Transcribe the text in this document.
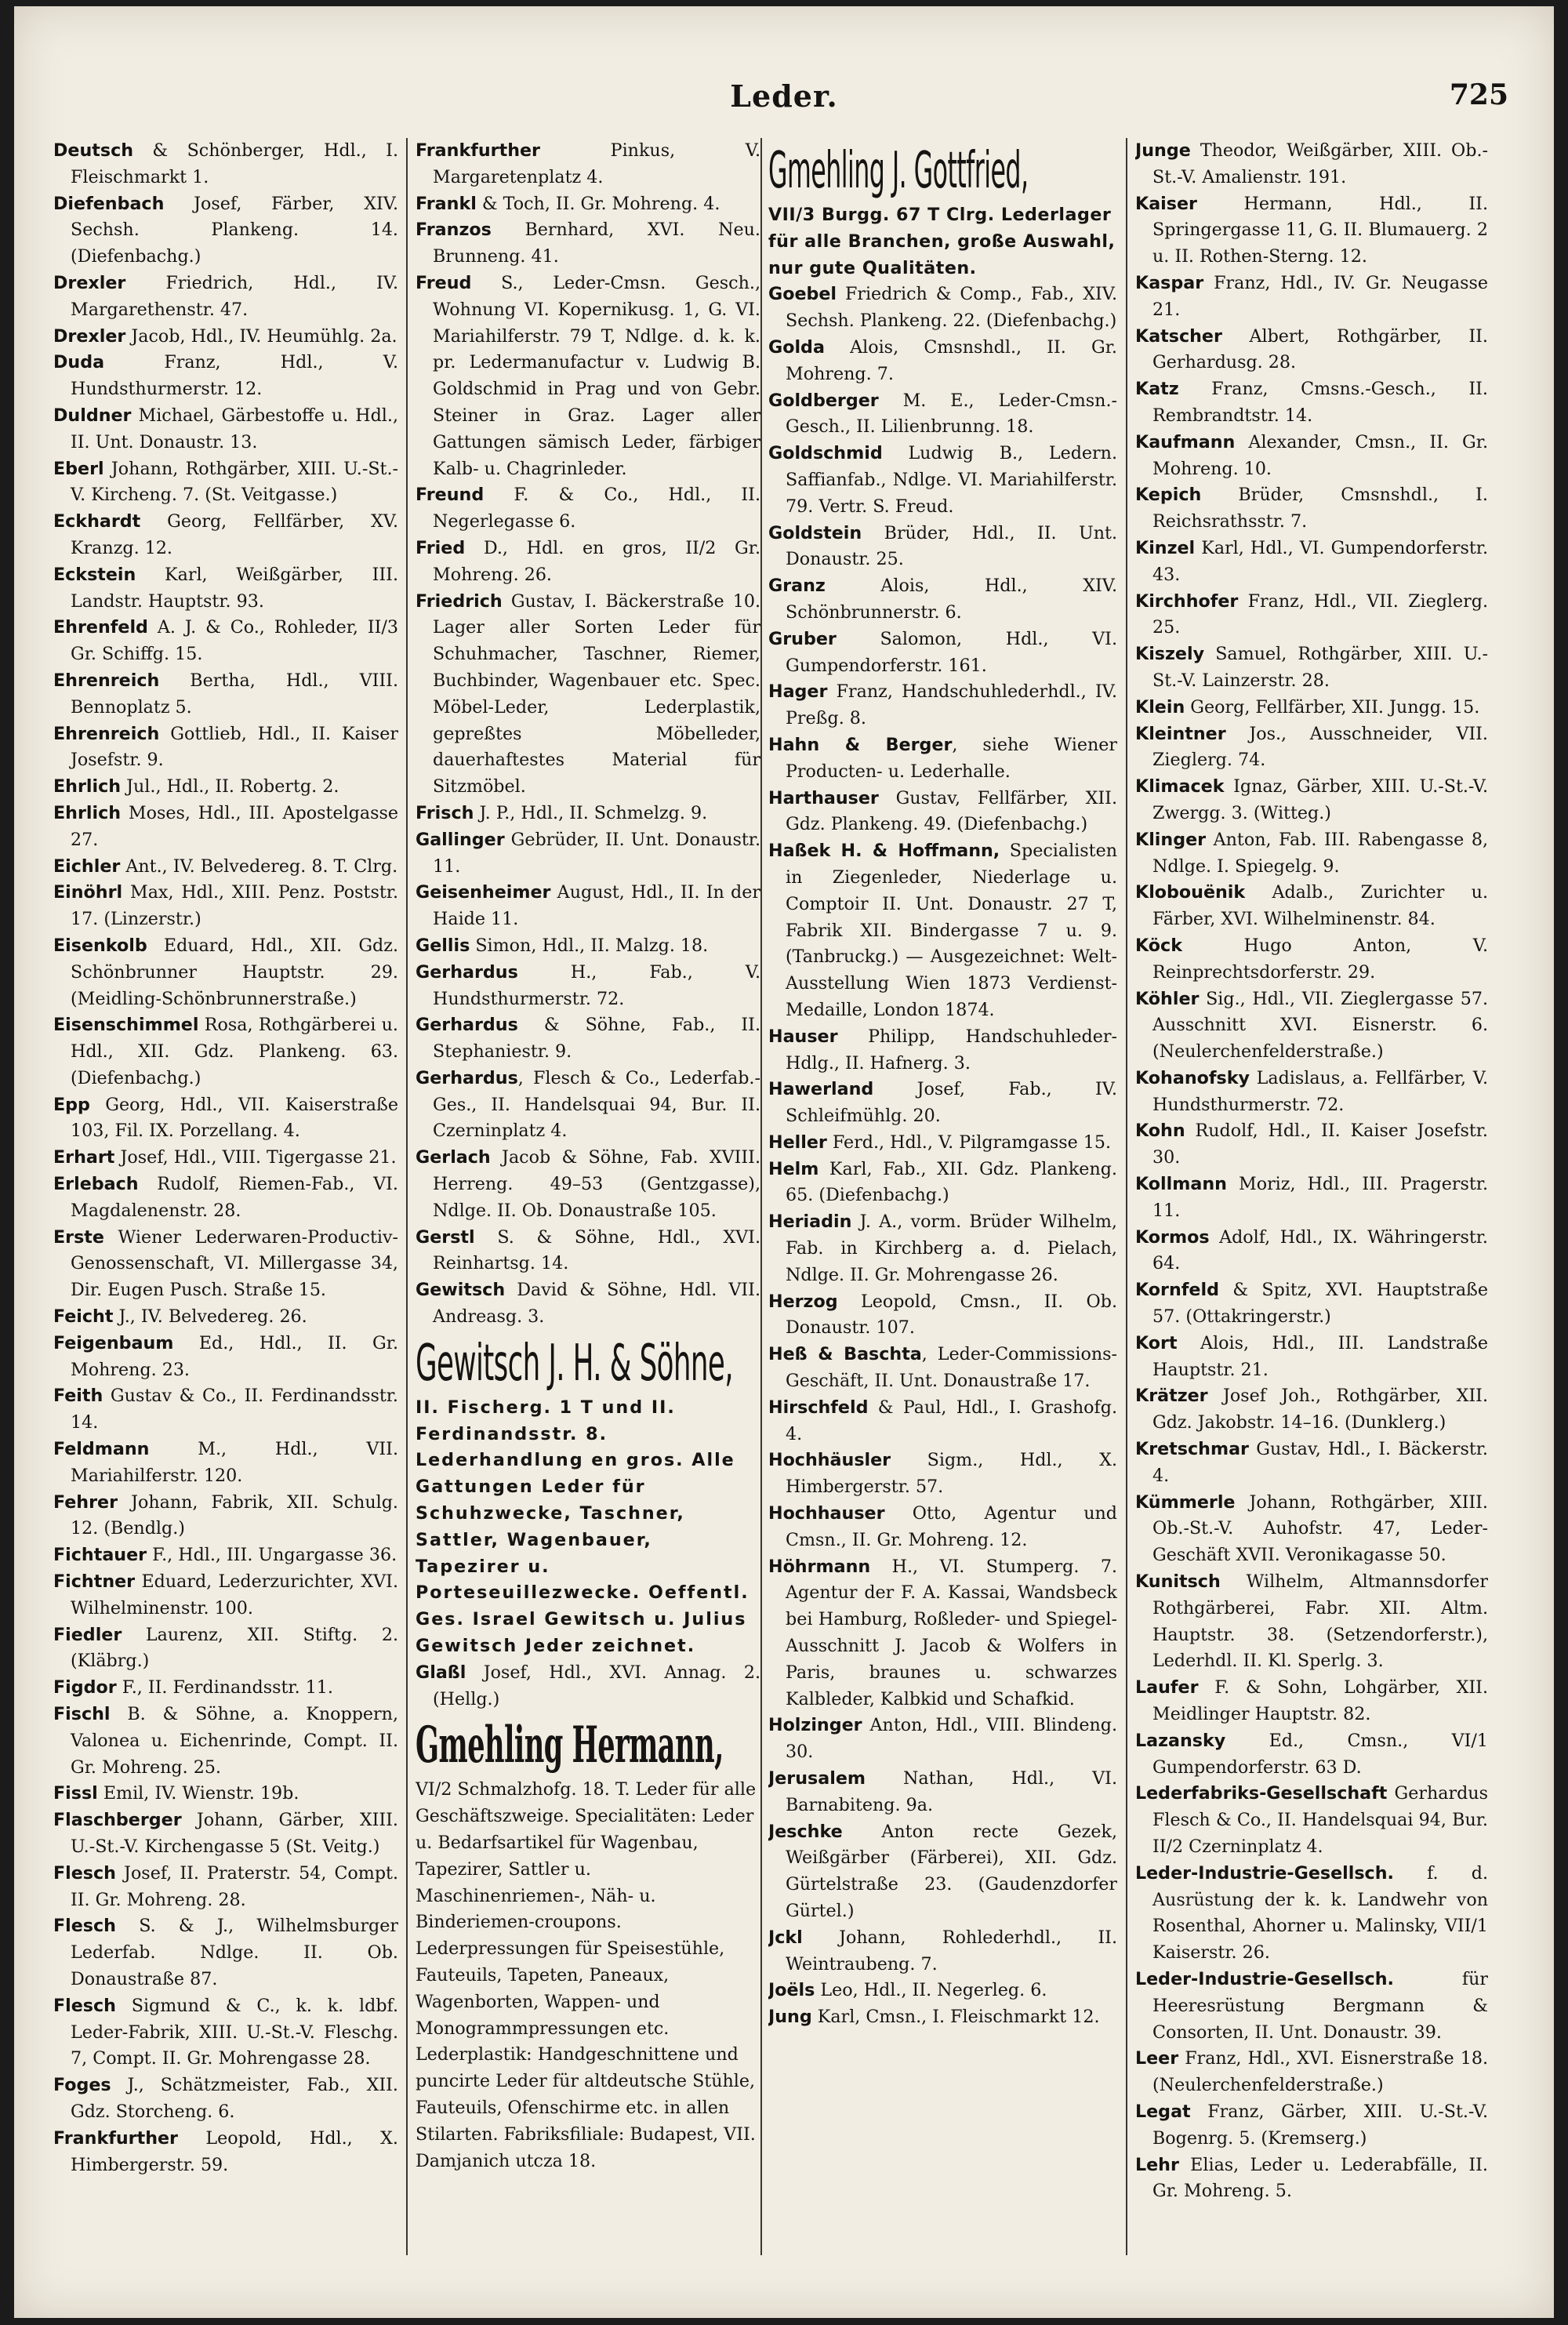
Leder.	725

Deutsch & Schönberger, Hdl., I. Fleischmarkt 1.

Diefenbach Josef, Färber, XIV. Sechsh. Plankeng. 14. (Diefenbachg.)

Drexler Friedrich, Hdl., IV. Margarethenstr. 47.

Drexler Jacob, Hdl., IV. Heumühlg. 2a.

Duda Franz, Hdl., V. Hundsthurmerstr. 12.

Duldner Michael, Gärbestoffe u. Hdl., II. Unt. Donaustr. 13.

Eberl Johann, Rothgärber, XIII. U.-St.-V. Kircheng. 7. (St. Veitgasse.)

Eckhardt Georg, Fellfärber, XV. Kranzg. 12.

Eckstein Karl, Weißgärber, III. Landstr. Hauptstr. 93.

Ehrenfeld A. J. & Co., Rohleder, II/3 Gr. Schiffg. 15.

Ehrenreich Bertha, Hdl., VIII. Bennoplatz 5.

Ehrenreich Gottlieb, Hdl., II. Kaiser Josefstr. 9.

Ehrlich Jul., Hdl., II. Robertg. 2.

Ehrlich Moses, Hdl., III. Apostelgasse 27.

Eichler Ant., IV. Belvedereg. 8. T. Clrg.

Einöhrl Max, Hdl., XIII. Penz. Poststr. 17. (Linzerstr.)

Eisenkolb Eduard, Hdl., XII. Gdz. Schönbrunner Hauptstr. 29. (Meidling-Schönbrunnerstraße.)

Eisenschimmel Rosa, Rothgärberei u. Hdl., XII. Gdz. Plankeng. 63. (Diefenbachg.)

Epp Georg, Hdl., VII. Kaiserstraße 103, Fil. IX. Porzellang. 4.

Erhart Josef, Hdl., VIII. Tigergasse 21.

Erlebach Rudolf, Riemen-Fab., VI. Magdalenenstr. 28.

Erste Wiener Lederwaren-Productiv-Genossenschaft, VI. Millergasse 34, Dir. Eugen Pusch. Straße 15.

Feicht J., IV. Belvedereg. 26.

Feigenbaum Ed., Hdl., II. Gr. Mohreng. 23.

Feith Gustav & Co., II. Ferdinandsstr. 14.

Feldmann M., Hdl., VII. Mariahilferstr. 120.

Fehrer Johann, Fabrik, XII. Schulg. 12. (Bendlg.)

Fichtauer F., Hdl., III. Ungargasse 36.

Fichtner Eduard, Lederzurichter, XVI. Wilhelminenstr. 100.

Fiedler Laurenz, XII. Stiftg. 2. (Kläbrg.)

Figdor F., II. Ferdinandsstr. 11.

Fischl B. & Söhne, a. Knoppern, Valonea u. Eichenrinde, Compt. II. Gr. Mohreng. 25.

Fissl Emil, IV. Wienstr. 19b.

Flaschberger Johann, Gärber, XIII. U.-St.-V. Kirchengasse 5 (St. Veitg.)

Flesch Josef, II. Praterstr. 54, Compt. II. Gr. Mohreng. 28.

Flesch S. & J., Wilhelmsburger Lederfab. Ndlge. II. Ob. Donaustraße 87.

Flesch Sigmund & C., k. k. ldbf. Leder-Fabrik, XIII. U.-St.-V. Fleschg. 7, Compt. II. Gr. Mohrengasse 28.

Foges J., Schätzmeister, Fab., XII. Gdz. Storcheng. 6.

Frankfurther Leopold, Hdl., X. Himbergerstr. 59.

Frankfurther Pinkus, V. Margaretenplatz 4.

Frankl & Toch, II. Gr. Mohreng. 4.

Franzos Bernhard, XVI. Neu. Brunneng. 41.

Freud S., Leder-Cmsn. Gesch., Wohnung VI. Kopernikusg. 1, G. VI. Mariahilferstr. 79 T, Ndlge. d. k. k. pr. Ledermanufactur v. Ludwig B. Goldschmid in Prag und von Gebr. Steiner in Graz. Lager aller Gattungen sämisch Leder, färbiger Kalb- u. Chagrinleder.

Freund F. & Co., Hdl., II. Negerlegasse 6.

Fried D., Hdl. en gros, II/2 Gr. Mohreng. 26.

Friedrich Gustav, I. Bäckerstraße 10. Lager aller Sorten Leder für Schuhmacher, Taschner, Riemer, Buchbinder, Wagenbauer etc. Spec. Möbel-Leder, Lederplastik, gepreßtes Möbelleder, dauerhaftestes Material für Sitzmöbel.

Frisch J. P., Hdl., II. Schmelzg. 9.

Gallinger Gebrüder, II. Unt. Donaustr. 11.

Geisenheimer August, Hdl., II. In der Haide 11.

Gellis Simon, Hdl., II. Malzg. 18.

Gerhardus H., Fab., V. Hundsthurmerstr. 72.

Gerhardus & Söhne, Fab., II. Stephaniestr. 9.

Gerhardus, Flesch & Co., Lederfab.-Ges., II. Handelsquai 94, Bur. II. Czerninplatz 4.

Gerlach Jacob & Söhne, Fab. XVIII. Herreng. 49–53 (Gentzgasse), Ndlge. II. Ob. Donaustraße 105.

Gerstl S. & Söhne, Hdl., XVI. Reinhartsg. 14.

Gewitsch David & Söhne, Hdl. VII. Andreasg. 3.

Gewitsch J. H. & Söhne,

II. Fischerg. 1 T und II. Ferdinandsstr. 8. Lederhandlung en gros. Alle Gattungen Leder für Schuhzwecke, Taschner, Sattler, Wagenbauer, Tapezirer u. Porteseuillezwecke. Oeffentl. Ges. Israel Gewitsch u. Julius Gewitsch Jeder zeichnet.

Glaßl Josef, Hdl., XVI. Annag. 2. (Hellg.)

Gmehling Hermann,

VI/2 Schmalzhofg. 18. T. Leder für alle Geschäftszweige. Specialitäten: Leder u. Bedarfsartikel für Wagenbau, Tapezirer, Sattler u. Maschinenriemen-, Näh- u. Binderiemen-croupons. Lederpressungen für Speisestühle, Fauteuils, Tapeten, Paneaux, Wagenborten, Wappen- und Monogrammpressungen etc. Lederplastik: Handgeschnittene und puncirte Leder für altdeutsche Stühle, Fauteuils, Ofenschirme etc. in allen Stilarten. Fabriksfiliale: Budapest, VII. Damjanich utcza 18.

Gmehling J. Gottfried,

VII/3 Burgg. 67 T Clrg. Lederlager für alle Branchen, große Auswahl, nur gute Qualitäten.

Goebel Friedrich & Comp., Fab., XIV. Sechsh. Plankeng. 22. (Diefenbachg.)

Golda Alois, Cmsnshdl., II. Gr. Mohreng. 7.

Goldberger M. E., Leder-Cmsn.-Gesch., II. Lilienbrunng. 18.

Goldschmid Ludwig B., Ledern. Saffianfab., Ndlge. VI. Mariahilferstr. 79. Vertr. S. Freud.

Goldstein Brüder, Hdl., II. Unt. Donaustr. 25.

Granz Alois, Hdl., XIV. Schönbrunnerstr. 6.

Gruber Salomon, Hdl., VI. Gumpendorferstr. 161.

Hager Franz, Handschuhlederhdl., IV. Preßg. 8.

Hahn & Berger, siehe Wiener Producten- u. Lederhalle.

Harthauser Gustav, Fellfärber, XII. Gdz. Plankeng. 49. (Diefenbachg.)

Haßek H. & Hoffmann, Specialisten in Ziegenleder, Niederlage u. Comptoir II. Unt. Donaustr. 27 T, Fabrik XII. Bindergasse 7 u. 9. (Tanbruckg.) — Ausgezeichnet: Welt-Ausstellung Wien 1873 Verdienst-Medaille, London 1874.

Hauser Philipp, Handschuhleder-Hdlg., II. Hafnerg. 3.

Hawerland Josef, Fab., IV. Schleifmühlg. 20.

Heller Ferd., Hdl., V. Pilgramgasse 15.

Helm Karl, Fab., XII. Gdz. Plankeng. 65. (Diefenbachg.)

Heriadin J. A., vorm. Brüder Wilhelm, Fab. in Kirchberg a. d. Pielach, Ndlge. II. Gr. Mohrengasse 26.

Herzog Leopold, Cmsn., II. Ob. Donaustr. 107.

Heß & Baschta, Leder-Commissions-Geschäft, II. Unt. Donaustraße 17.

Hirschfeld & Paul, Hdl., I. Grashofg. 4.

Hochhäusler Sigm., Hdl., X. Himbergerstr. 57.

Hochhauser Otto, Agentur und Cmsn., II. Gr. Mohreng. 12.

Höhrmann H., VI. Stumperg. 7. Agentur der F. A. Kassai, Wandsbeck bei Hamburg, Roßleder- und Spiegel-Ausschnitt J. Jacob & Wolfers in Paris, braunes u. schwarzes Kalbleder, Kalbkid und Schafkid.

Holzinger Anton, Hdl., VIII. Blindeng. 30.

Jerusalem Nathan, Hdl., VI. Barnabiteng. 9a.

Jeschke Anton recte Gezek, Weißgärber (Färberei), XII. Gdz. Gürtelstraße 23. (Gaudenzdorfer Gürtel.)

Jckl Johann, Rohlederhdl., II. Weintraubeng. 7.

Joëls Leo, Hdl., II. Negerleg. 6.

Jung Karl, Cmsn., I. Fleischmarkt 12.

Junge Theodor, Weißgärber, XIII. Ob.-St.-V. Amalienstr. 191.

Kaiser Hermann, Hdl., II. Springergasse 11, G. II. Blumauerg. 2 u. II. Rothen-Sterng. 12.

Kaspar Franz, Hdl., IV. Gr. Neugasse 21.

Katscher Albert, Rothgärber, II. Gerhardusg. 28.

Katz Franz, Cmsns.-Gesch., II. Rembrandtstr. 14.

Kaufmann Alexander, Cmsn., II. Gr. Mohreng. 10.

Kepich Brüder, Cmsnshdl., I. Reichsrathsstr. 7.

Kinzel Karl, Hdl., VI. Gumpendorferstr. 43.

Kirchhofer Franz, Hdl., VII. Zieglerg. 25.

Kiszely Samuel, Rothgärber, XIII. U.-St.-V. Lainzerstr. 28.

Klein Georg, Fellfärber, XII. Jungg. 15.

Kleintner Jos., Ausschneider, VII. Zieglerg. 74.

Klimacek Ignaz, Gärber, XIII. U.-St.-V. Zwergg. 3. (Witteg.)

Klinger Anton, Fab. III. Rabengasse 8, Ndlge. I. Spiegelg. 9.

Klobouënik Adalb., Zurichter u. Färber, XVI. Wilhelminenstr. 84.

Köck Hugo Anton, V. Reinprechtsdorferstr. 29.

Köhler Sig., Hdl., VII. Zieglergasse 57. Ausschnitt XVI. Eisnerstr. 6. (Neulerchenfelderstraße.)

Kohanofsky Ladislaus, a. Fellfärber, V. Hundsthurmerstr. 72.

Kohn Rudolf, Hdl., II. Kaiser Josefstr. 30.

Kollmann Moriz, Hdl., III. Pragerstr. 11.

Kormos Adolf, Hdl., IX. Währingerstr. 64.

Kornfeld & Spitz, XVI. Hauptstraße 57. (Ottakringerstr.)

Kort Alois, Hdl., III. Landstraße Hauptstr. 21.

Krätzer Josef Joh., Rothgärber, XII. Gdz. Jakobstr. 14–16. (Dunklerg.)

Kretschmar Gustav, Hdl., I. Bäckerstr. 4.

Kümmerle Johann, Rothgärber, XIII. Ob.-St.-V. Auhofstr. 47, Leder-Geschäft XVII. Veronikagasse 50.

Kunitsch Wilhelm, Altmannsdorfer Rothgärberei, Fabr. XII. Altm. Hauptstr. 38. (Setzendorferstr.), Lederhdl. II. Kl. Sperlg. 3.

Laufer F. & Sohn, Lohgärber, XII. Meidlinger Hauptstr. 82.

Lazansky Ed., Cmsn., VI/1 Gumpendorferstr. 63 D.

Lederfabriks-Gesellschaft Gerhardus Flesch & Co., II. Handelsquai 94, Bur. II/2 Czerninplatz 4.

Leder-Industrie-Gesellsch. f. d. Ausrüstung der k. k. Landwehr von Rosenthal, Ahorner u. Malinsky, VII/1 Kaiserstr. 26.

Leder-Industrie-Gesellsch. für Heeresrüstung Bergmann & Consorten, II. Unt. Donaustr. 39.

Leer Franz, Hdl., XVI. Eisnerstraße 18. (Neulerchenfelderstraße.)

Legat Franz, Gärber, XIII. U.-St.-V. Bogenrg. 5. (Kremserg.)

Lehr Elias, Leder u. Lederabfälle, II. Gr. Mohreng. 5.
